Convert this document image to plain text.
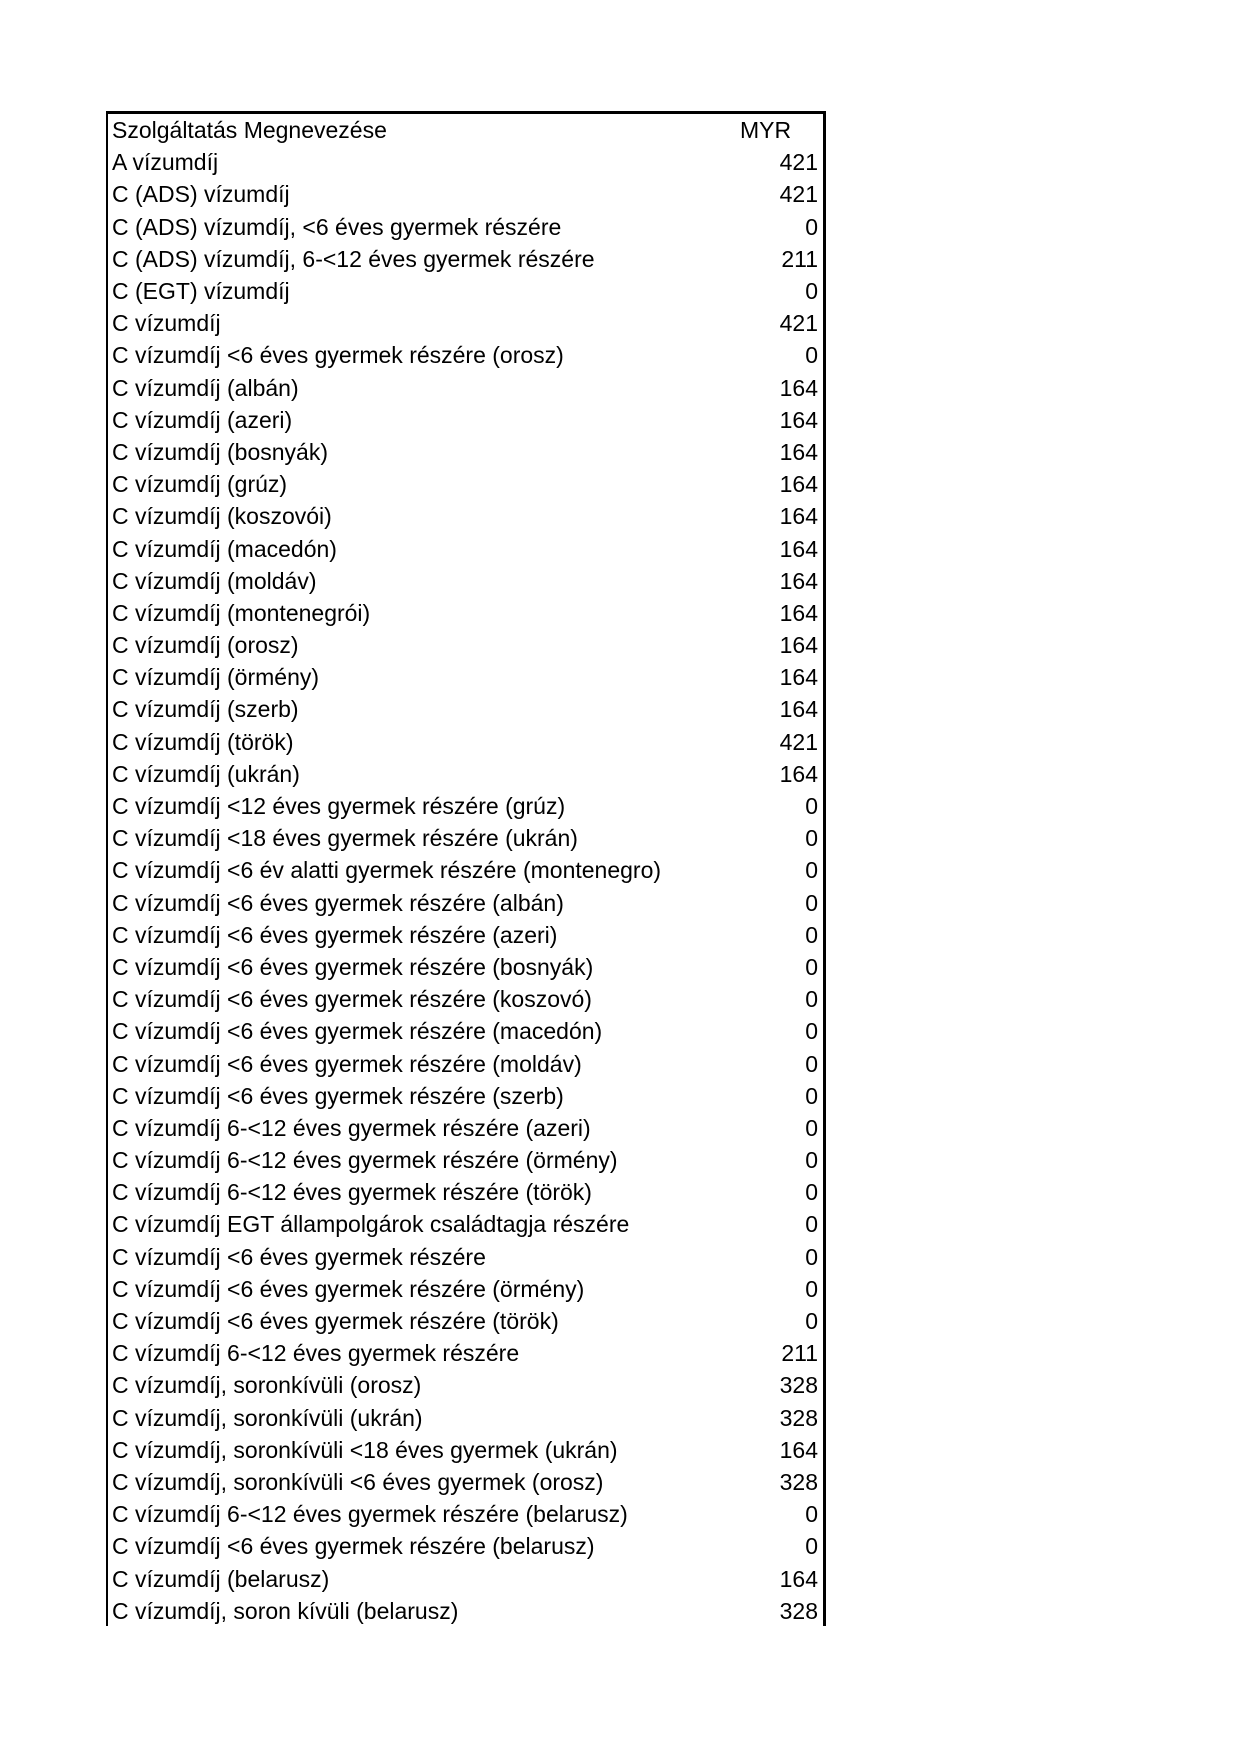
Szolgáltatás Megnevezése	MYR
A vízumdíj	421
C (ADS) vízumdíj	421
C (ADS) vízumdíj, <6 éves gyermek részére	0
C (ADS) vízumdíj, 6-<12 éves gyermek részére	211
C (EGT) vízumdíj	0
C vízumdíj	421
C vízumdíj <6 éves gyermek részére (orosz)	0
C vízumdíj (albán)	164
C vízumdíj (azeri)	164
C vízumdíj (bosnyák)	164
C vízumdíj (grúz)	164
C vízumdíj (koszovói)	164
C vízumdíj (macedón)	164
C vízumdíj (moldáv)	164
C vízumdíj (montenegrói)	164
C vízumdíj (orosz)	164
C vízumdíj (örmény)	164
C vízumdíj (szerb)	164
C vízumdíj (török)	421
C vízumdíj (ukrán)	164
C vízumdíj <12 éves gyermek részére (grúz)	0
C vízumdíj <18 éves gyermek részére (ukrán)	0
C vízumdíj <6 év alatti gyermek részére (montenegro)	0
C vízumdíj <6 éves gyermek részére (albán)	0
C vízumdíj <6 éves gyermek részére (azeri)	0
C vízumdíj <6 éves gyermek részére (bosnyák)	0
C vízumdíj <6 éves gyermek részére (koszovó)	0
C vízumdíj <6 éves gyermek részére (macedón)	0
C vízumdíj <6 éves gyermek részére (moldáv)	0
C vízumdíj <6 éves gyermek részére (szerb)	0
C vízumdíj 6-<12 éves gyermek részére (azeri)	0
C vízumdíj 6-<12 éves gyermek részére (örmény)	0
C vízumdíj 6-<12 éves gyermek részére (török)	0
C vízumdíj EGT állampolgárok családtagja részére	0
C vízumdíj <6 éves gyermek részére	0
C vízumdíj <6 éves gyermek részére (örmény)	0
C vízumdíj <6 éves gyermek részére (török)	0
C vízumdíj 6-<12 éves gyermek részére	211
C vízumdíj, soronkívüli (orosz)	328
C vízumdíj, soronkívüli (ukrán)	328
C vízumdíj, soronkívüli <18 éves gyermek (ukrán)	164
C vízumdíj, soronkívüli <6 éves gyermek (orosz)	328
C vízumdíj 6-<12 éves gyermek részére (belarusz)	0
C vízumdíj <6 éves gyermek részére (belarusz)	0
C vízumdíj (belarusz)	164
C vízumdíj, soron kívüli (belarusz)	328
